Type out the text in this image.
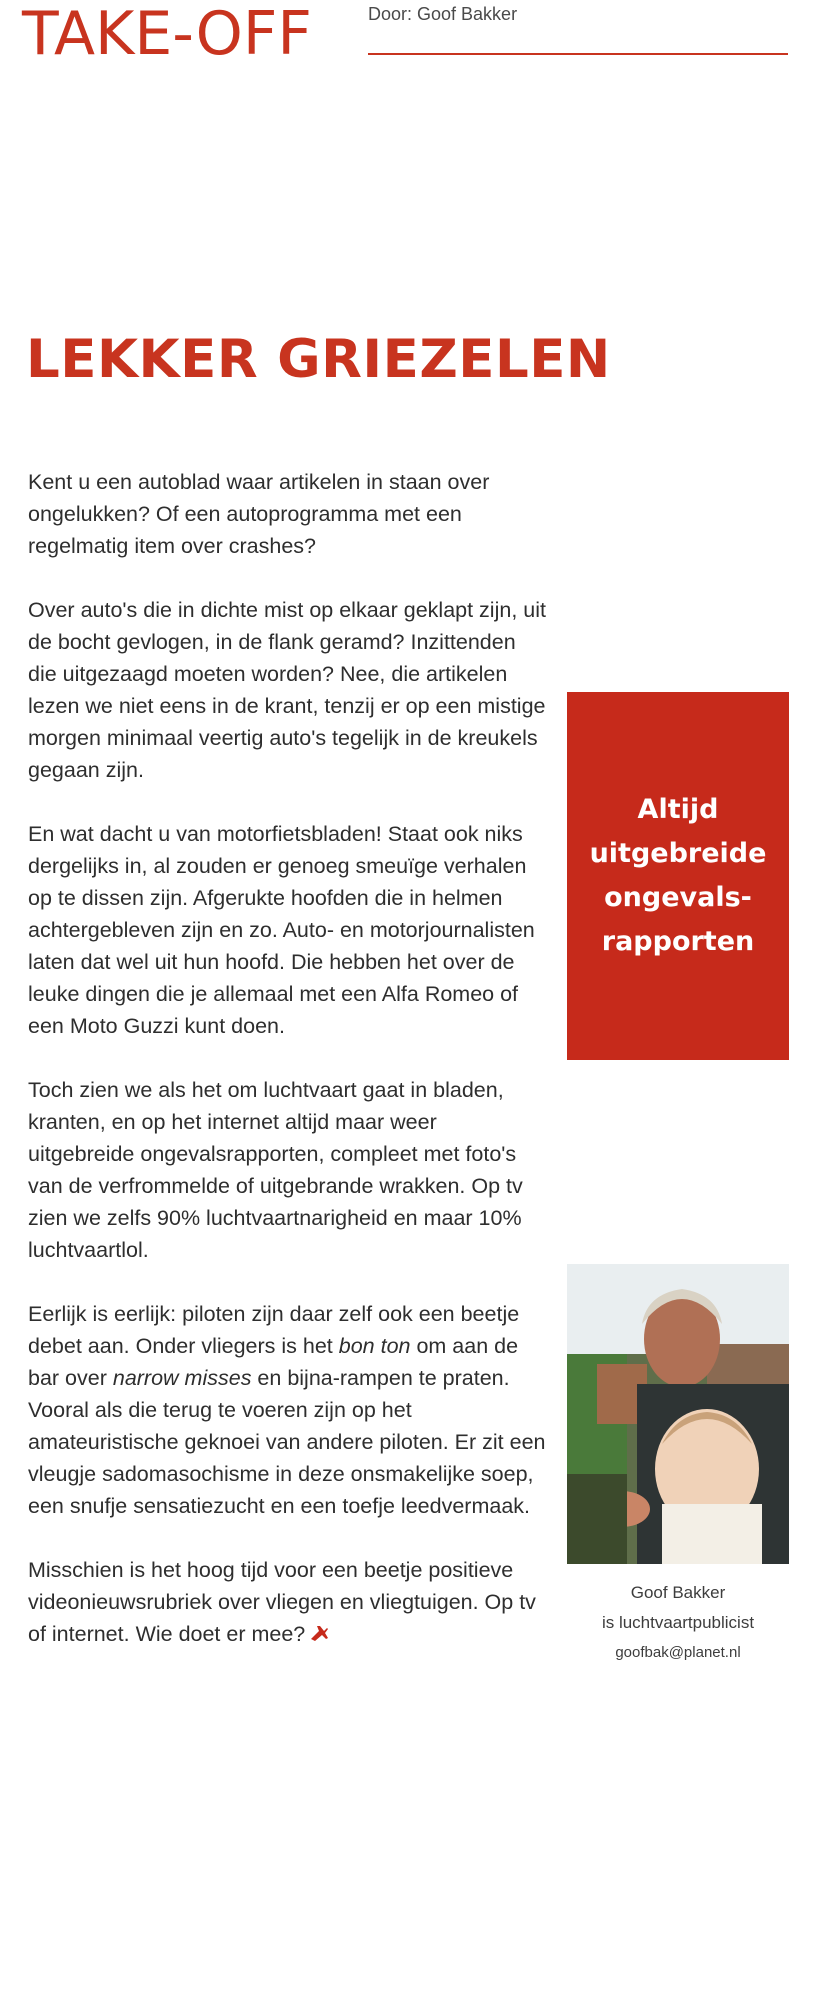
TAKE-OFF	Door: Goof Bakker
LEKKER GRIEZELEN

Kent u een autoblad waar artikelen in staan over ongelukken? Of een autoprogramma met een regelmatig item over crashes?

Over auto's die in dichte mist op elkaar geklapt zijn, uit de bocht gevlogen, in de flank geramd? Inzittenden die uitgezaagd moeten worden? Nee, die artikelen lezen we niet eens in de krant, tenzij er op een mistige morgen minimaal veertig auto's tegelijk in de kreukels gegaan zijn.

En wat dacht u van motorfietsbladen! Staat ook niks dergelijks in, al zouden er genoeg smeuïge verhalen op te dissen zijn. Afgerukte hoofden die in helmen achtergebleven zijn en zo. Auto- en motorjournalisten laten dat wel uit hun hoofd. Die hebben het over de leuke dingen die je allemaal met een Alfa Romeo of een Moto Guzzi kunt doen.

Toch zien we als het om luchtvaart gaat in bladen, kranten, en op het internet altijd maar weer uitgebreide ongevalsrapporten, compleet met foto's van de verfrommelde of uitgebrande wrakken. Op tv zien we zelfs 90% luchtvaartnarigheid en maar 10% luchtvaartlol.

Eerlijk is eerlijk: piloten zijn daar zelf ook een beetje debet aan. Onder vliegers is het bon ton om aan de bar over narrow misses en bijna-rampen te praten. Vooral als die terug te voeren zijn op het amateuristische geknoei van andere piloten. Er zit een vleugje sadomasochisme in deze onsmakelijke soep, een snufje sensatiezucht en een toefje leedvermaak.

Misschien is het hoog tijd voor een beetje positieve videonieuwsrubriek over vliegen en vliegtuigen. Op tv of internet. Wie doet er mee?

Altijd uitgebreide ongevals-rapporten
Goof Bakker
is luchtvaartpublicist
goofbak@planet.nl
